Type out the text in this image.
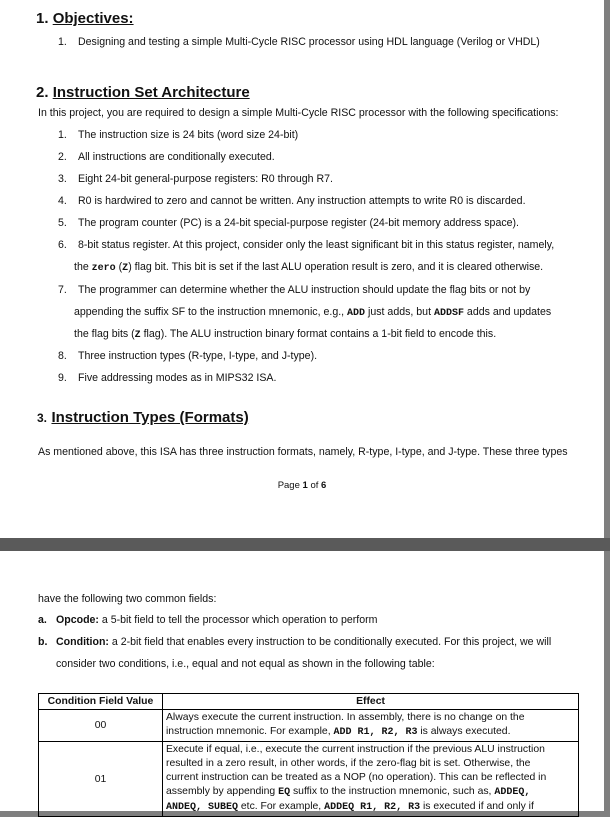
1. Objectives:
1. Designing and testing a simple Multi-Cycle RISC processor using HDL language (Verilog or VHDL)
2. Instruction Set Architecture
In this project, you are required to design a simple Multi-Cycle RISC processor with the following specifications:
1. The instruction size is 24 bits (word size 24-bit)
2. All instructions are conditionally executed.
3. Eight 24-bit general-purpose registers: R0 through R7.
4. R0 is hardwired to zero and cannot be written. Any instruction attempts to write R0 is discarded.
5. The program counter (PC) is a 24-bit special-purpose register (24-bit memory address space).
6. 8-bit status register. At this project, consider only the least significant bit in this status register, namely,
the zero (Z) flag bit. This bit is set if the last ALU operation result is zero, and it is cleared otherwise.
7. The programmer can determine whether the ALU instruction should update the flag bits or not by
appending the suffix SF to the instruction mnemonic, e.g., ADD just adds, but ADDSF adds and updates
the flag bits (Z flag). The ALU instruction binary format contains a 1-bit field to encode this.
8. Three instruction types (R-type, I-type, and J-type).
9. Five addressing modes as in MIPS32 ISA.
3. Instruction Types (Formats)
As mentioned above, this ISA has three instruction formats, namely, R-type, I-type, and J-type. These three types
Page 1 of 6
have the following two common fields:
a. Opcode: a 5-bit field to tell the processor which operation to perform
b. Condition: a 2-bit field that enables every instruction to be conditionally executed. For this project, we will
consider two conditions, i.e., equal and not equal as shown in the following table:
Condition Field Value	Effect
00	Always execute the current instruction. In assembly, there is no change on the
instruction mnemonic. For example, ADD R1, R2, R3 is always executed.
01	Execute if equal, i.e., execute the current instruction if the previous ALU instruction
resulted in a zero result, in other words, if the zero-flag bit is set. Otherwise, the
current instruction can be treated as a NOP (no operation). This can be reflected in
assembly by appending EQ suffix to the instruction mnemonic, such as, ADDEQ,
ANDEQ, SUBEQ etc. For example, ADDEQ R1, R2, R3 is executed if and only if
